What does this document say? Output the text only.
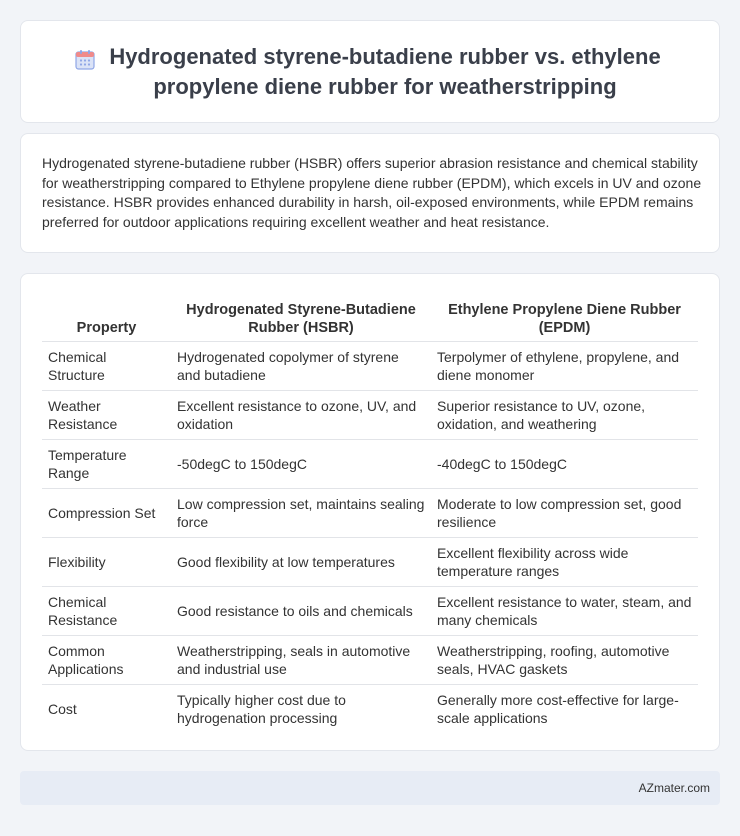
Hydrogenated styrene-butadiene rubber vs. ethylene propylene diene rubber for weatherstripping

Hydrogenated styrene-butadiene rubber (HSBR) offers superior abrasion resistance and chemical stability for weatherstripping compared to Ethylene propylene diene rubber (EPDM), which excels in UV and ozone resistance. HSBR provides enhanced durability in harsh, oil-exposed environments, while EPDM remains preferred for outdoor applications requiring excellent weather and heat resistance.

Property	Hydrogenated Styrene-Butadiene Rubber (HSBR)	Ethylene Propylene Diene Rubber (EPDM)
Chemical Structure	Hydrogenated copolymer of styrene and butadiene	Terpolymer of ethylene, propylene, and diene monomer
Weather Resistance	Excellent resistance to ozone, UV, and oxidation	Superior resistance to UV, ozone, oxidation, and weathering
Temperature Range	-50degC to 150degC	-40degC to 150degC
Compression Set	Low compression set, maintains sealing force	Moderate to low compression set, good resilience
Flexibility	Good flexibility at low temperatures	Excellent flexibility across wide temperature ranges
Chemical Resistance	Good resistance to oils and chemicals	Excellent resistance to water, steam, and many chemicals
Common Applications	Weatherstripping, seals in automotive and industrial use	Weatherstripping, roofing, automotive seals, HVAC gaskets
Cost	Typically higher cost due to hydrogenation processing	Generally more cost-effective for large-scale applications
AZmater.com
